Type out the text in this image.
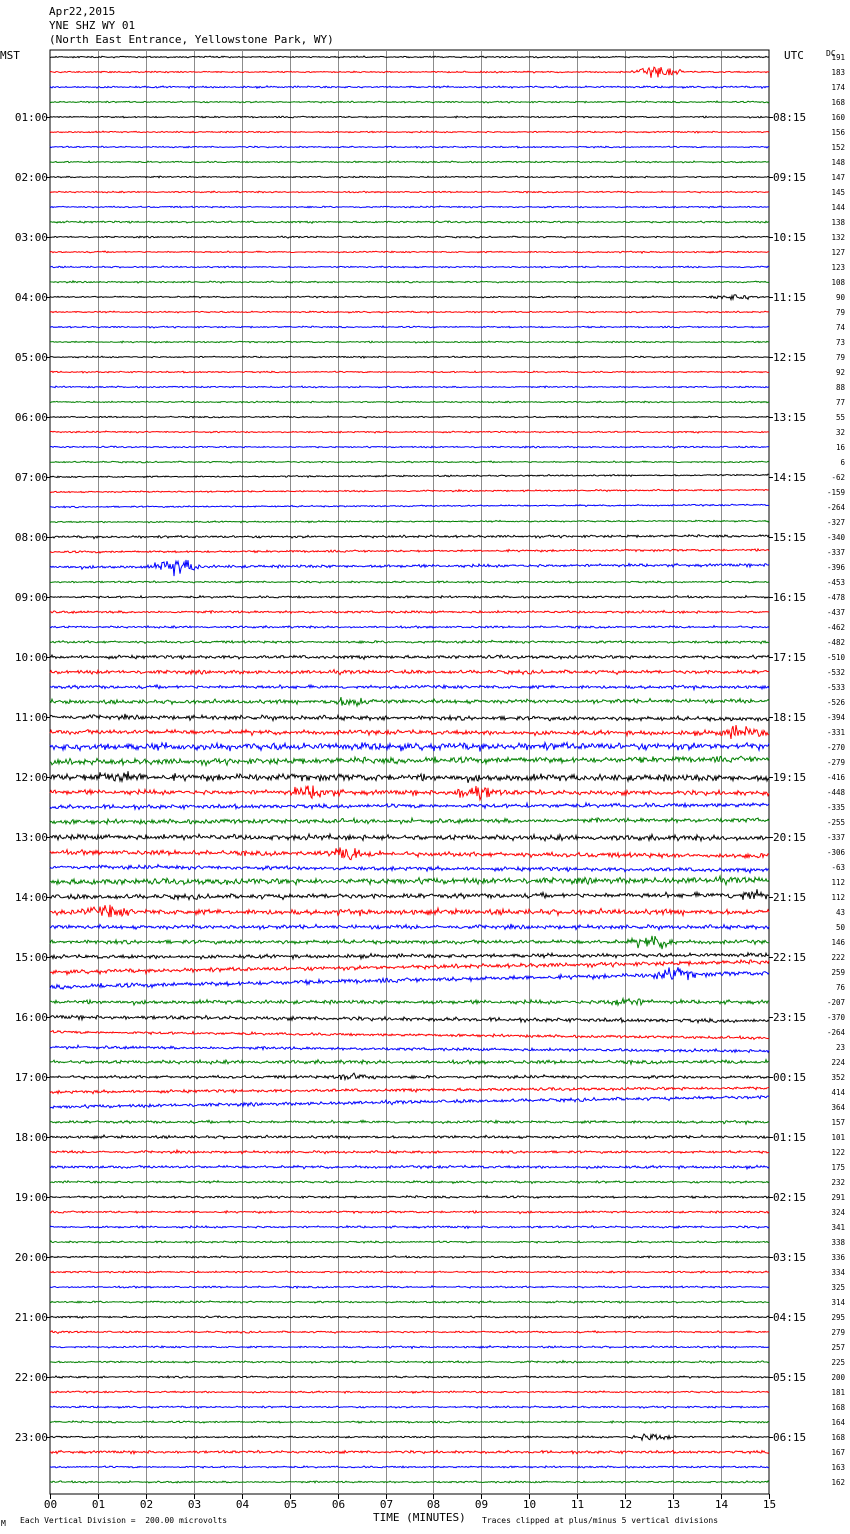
00	01	02	03	04	05	06	07	08	09	10	11	12	13	14	15
191
183
174
168
160
01:00	08:15
156
152
148
147
02:00	09:15
145
144
138
132
03:00	10:15
127
123
108
90
04:00	11:15
79
74
73
79
05:00	12:15
92
88
77
55
06:00	13:15
32
16
6
-62
07:00	14:15
-159
-264
-327
-340
08:00	15:15
-337
-396
-453
-478
09:00	16:15
-437
-462
-482
-510
10:00	17:15
-532
-533
-526
-394
11:00	18:15
-331
-270
-279
-416
12:00	19:15
-448
-335
-255
-337
13:00	20:15
-306
-63
112
112
14:00	21:15
43
50
146
222
15:00	22:15
259
76
-207
-370
16:00	23:15
-264
23
224
352
17:00	00:15
414
364
157
101
18:00	01:15
122
175
232
291
19:00	02:15
324
341
338
336
20:00	03:15
334
325
314
295
21:00	04:15
279
257
225
200
22:00	05:15
181
168
164
168
23:00	06:15
167
163
162
Apr22,2015
YNE SHZ WY 01
(North East Entrance, Yellowstone Park, WY)
MST	UTC	DC
M Each Vertical Division =  200.00 microvolts	TIME (MINUTES) Traces clipped at plus/minus 5 vertical divisions
